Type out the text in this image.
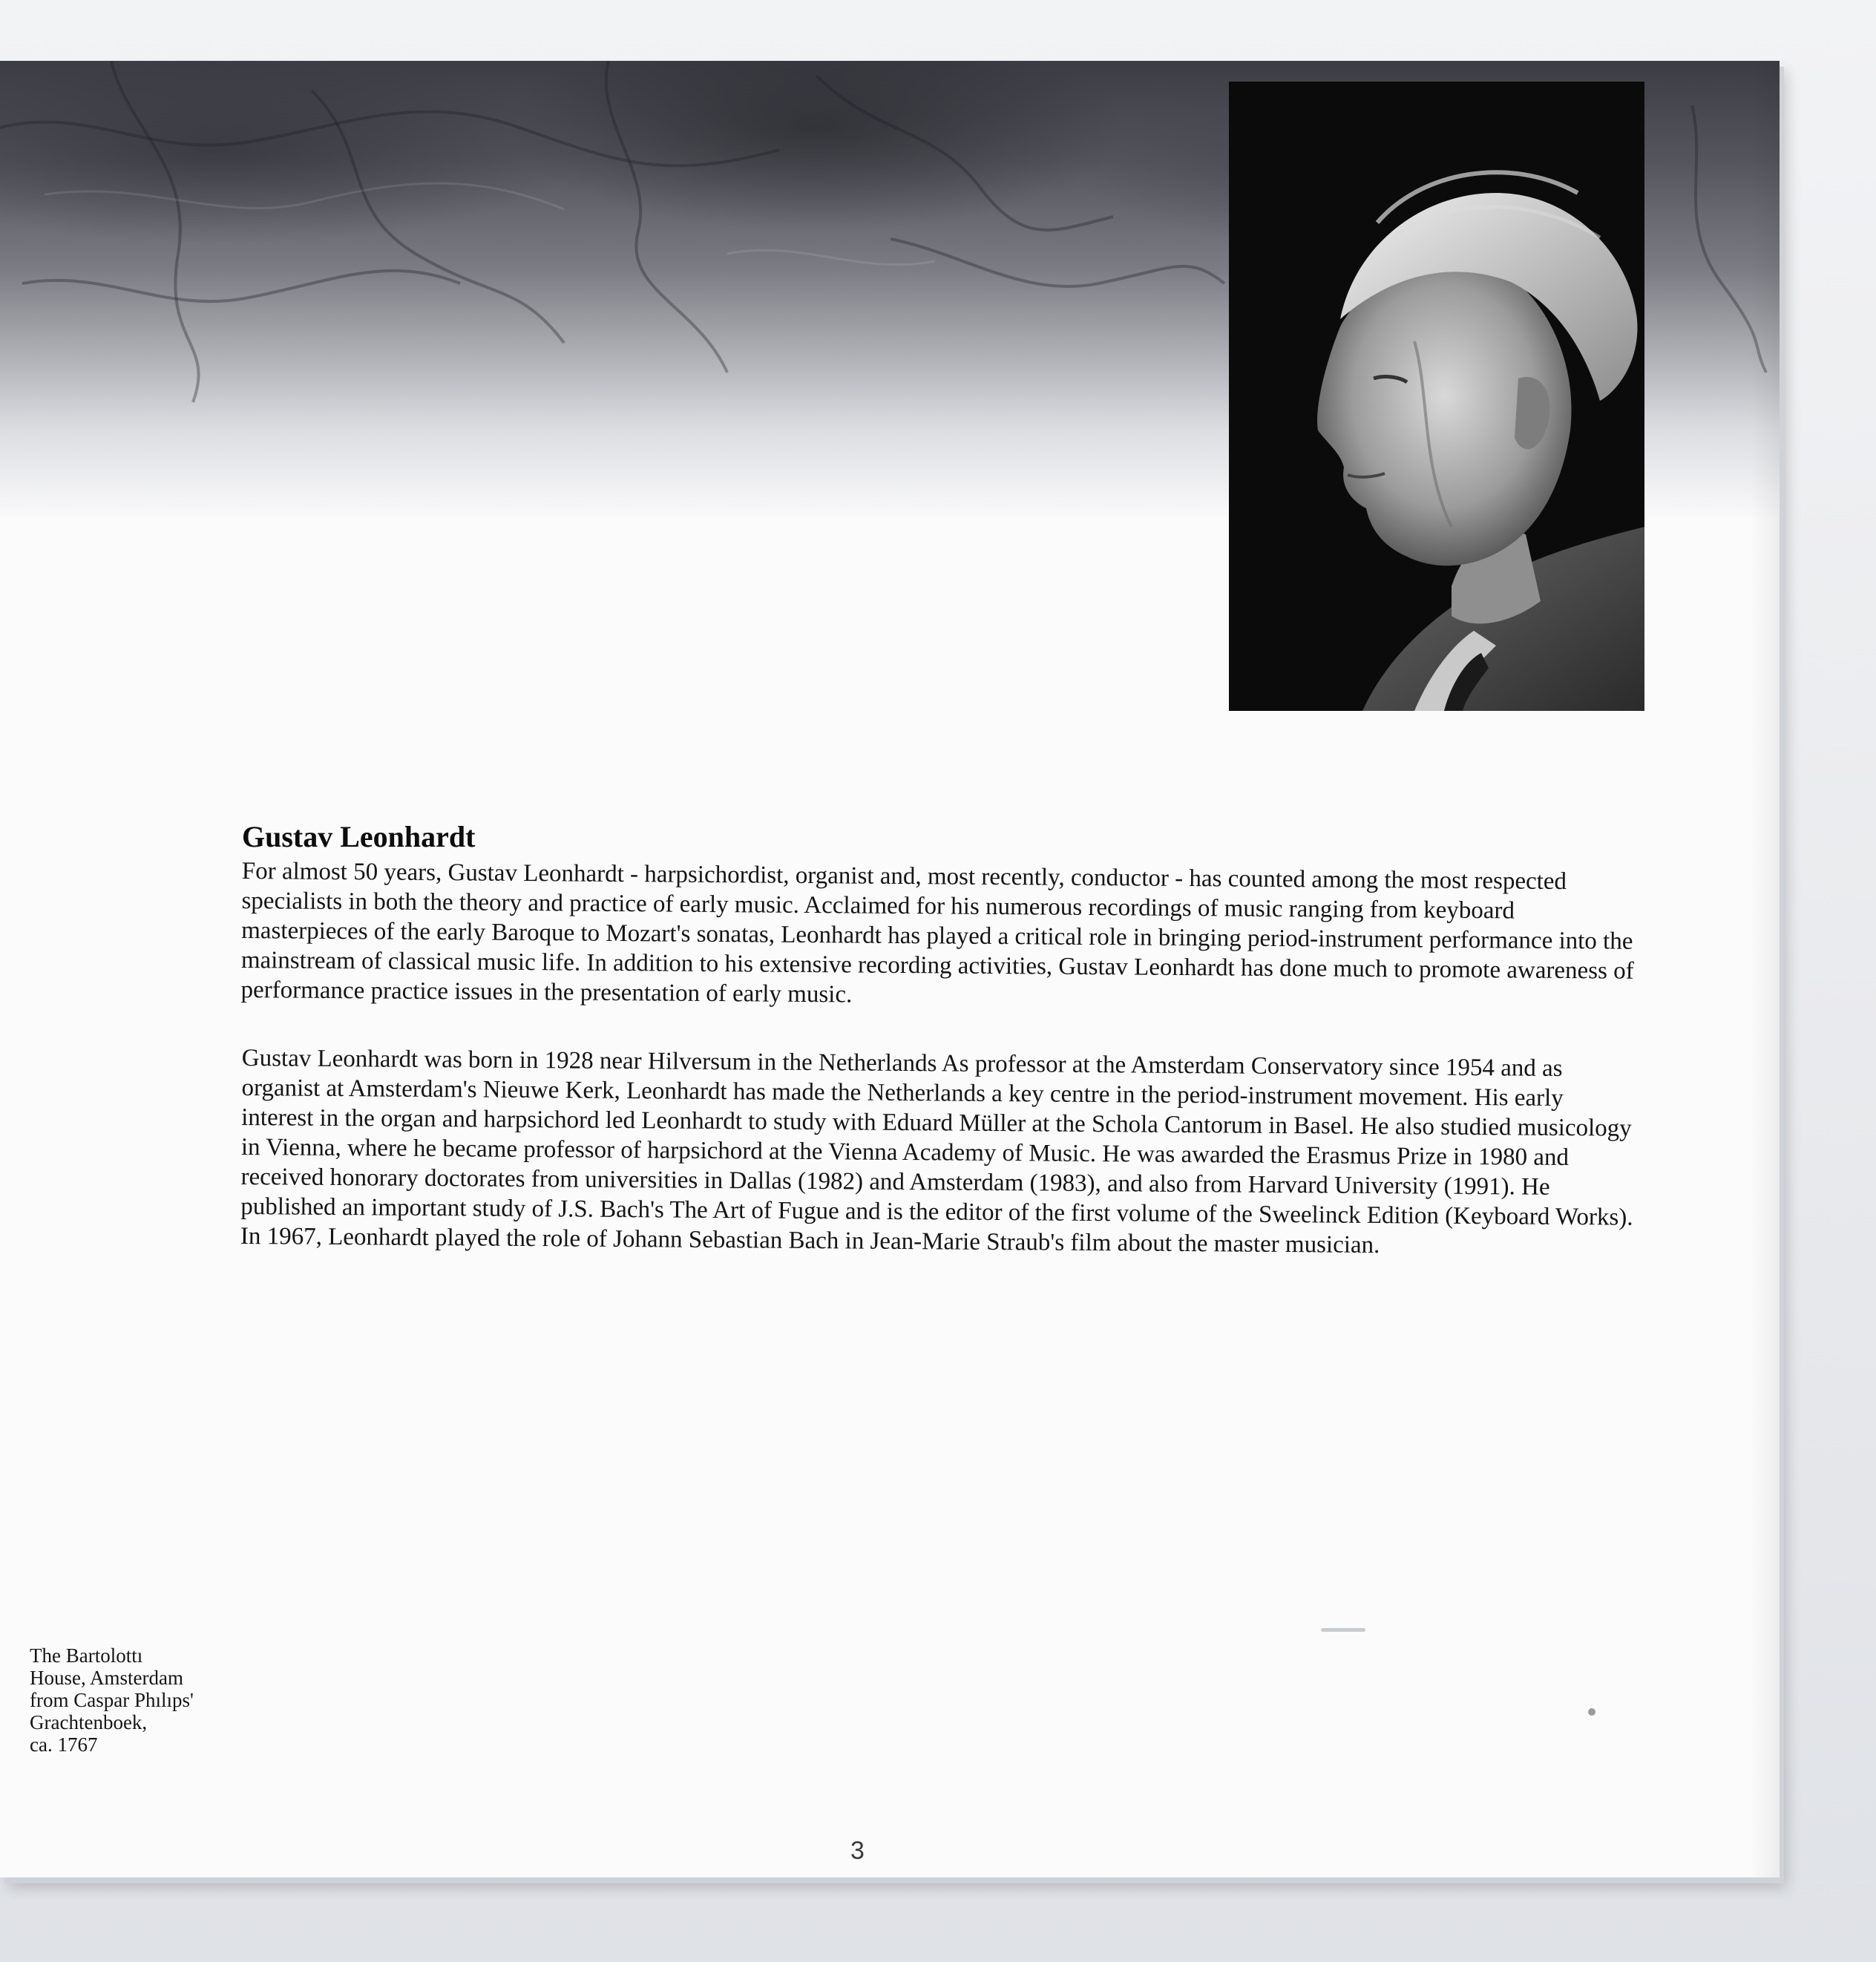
Gustav Leonhardt

For almost 50 years, Gustav Leonhardt - harpsichordist, organist and, most recently, conductor - has counted among the most respected specialists in both the theory and practice of early music. Acclaimed for his numerous recordings of music ranging from keyboard masterpieces of the early Baroque to Mozart's sonatas, Leonhardt has played a critical role in bringing period-instrument performance into the mainstream of classical music life. In addition to his extensive recording activities, Gustav Leonhardt has done much to promote awareness of performance practice issues in the presentation of early music.

Gustav Leonhardt was born in 1928 near Hilversum in the Netherlands As professor at the Amsterdam Conservatory since 1954 and as organist at Amsterdam's Nieuwe Kerk, Leonhardt has made the Netherlands a key centre in the period-instrument movement. His early interest in the organ and harpsichord led Leonhardt to study with Eduard Müller at the Schola Cantorum in Basel. He also studied musicology in Vienna, where he became professor of harpsichord at the Vienna Academy of Music. He was awarded the Erasmus Prize in 1980 and received honorary doctorates from universities in Dallas (1982) and Amsterdam (1983), and also from Harvard University (1991). He published an important study of J.S. Bach's The Art of Fugue and is the editor of the first volume of the Sweelinck Edition (Keyboard Works). In 1967, Leonhardt played the role of Johann Sebastian Bach in Jean-Marie Straub's film about the master musician.

The Bartolottı
House, Amsterdam
from Caspar Phılıps'
Grachtenboek,
ca. 1767
3
